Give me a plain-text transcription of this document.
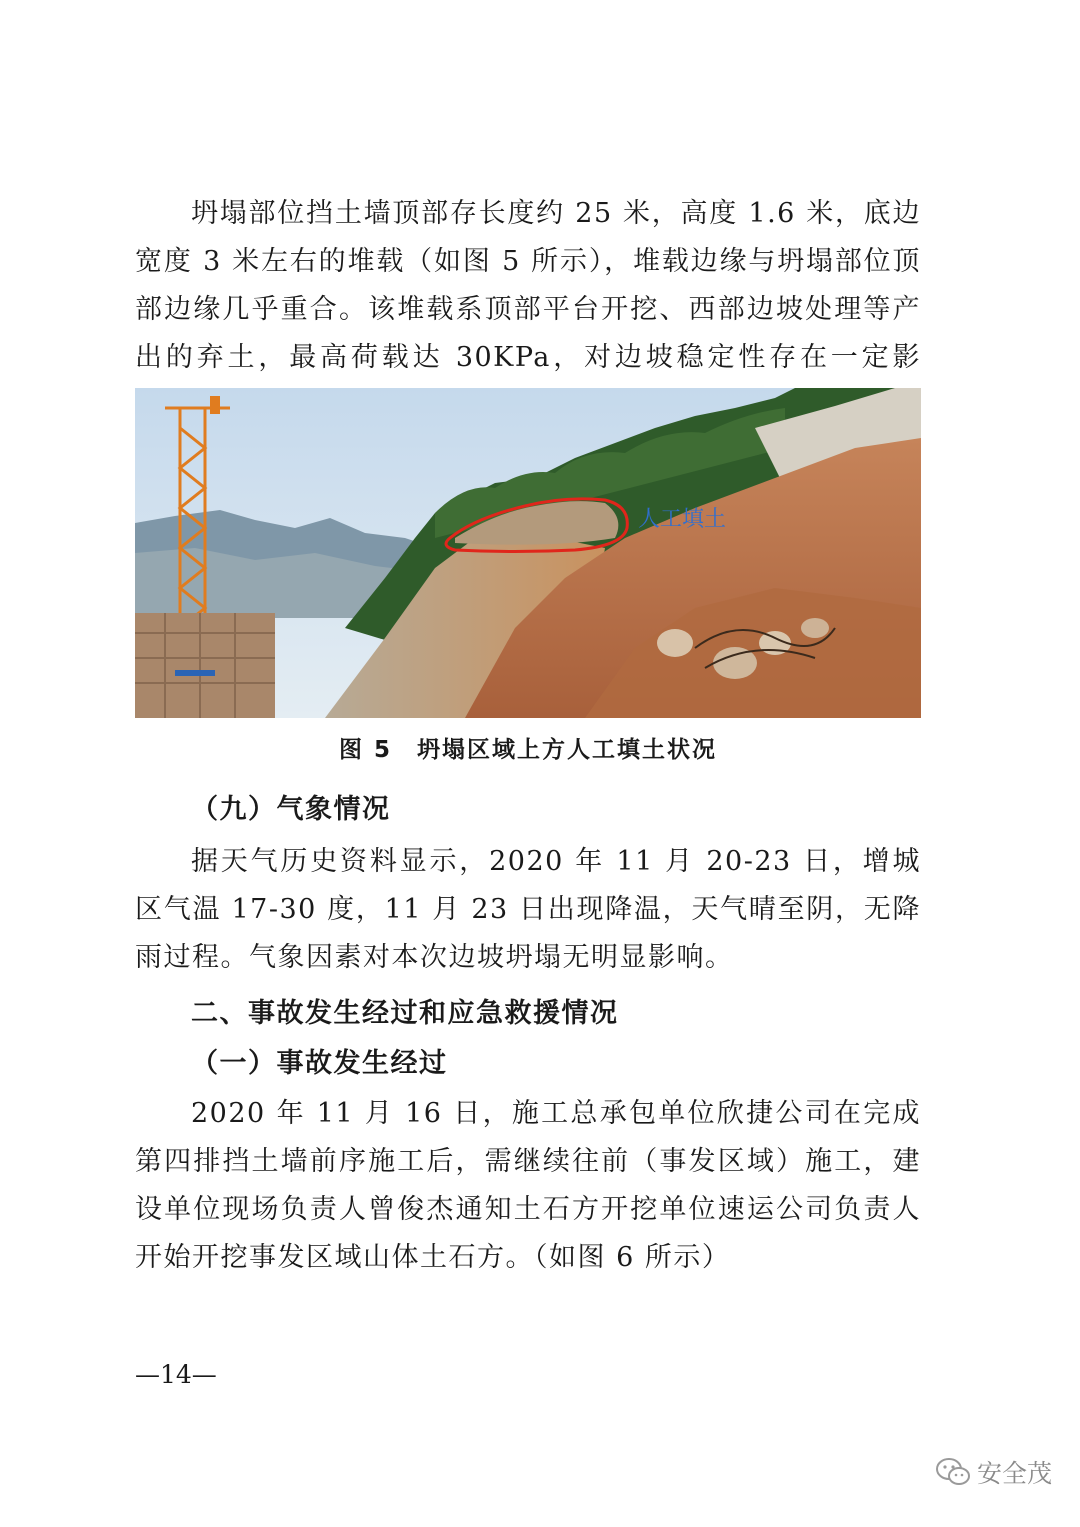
坍塌部位挡土墙顶部存长度约 25 米，高度 1.6 米，底边宽度 3 米左右的堆载（如图 5 所示），堆载边缘与坍塌部位顶部边缘几乎重合。该堆载系顶部平台开挖、西部边坡处理等产出的弃土，最高荷载达 30KPa，对边坡稳定性存在一定影

人工填土
图 5　坍塌区域上方人工填土状况
（九）气象情况

据天气历史资料显示，2020 年 11 月 20-23 日，增城区气温 17-30 度，11 月 23 日出现降温，天气晴至阴，无降雨过程。气象因素对本次边坡坍塌无明显影响。

二、事故发生经过和应急救援情况
（一）事故发生经过

2020 年 11 月 16 日，施工总承包单位欣捷公司在完成第四排挡土墙前序施工后，需继续往前（事发区域）施工，建设单位现场负责人曾俊杰通知土石方开挖单位速运公司负责人开始开挖事发区域山体土石方。（如图 6 所示）

—14—
安全茂
